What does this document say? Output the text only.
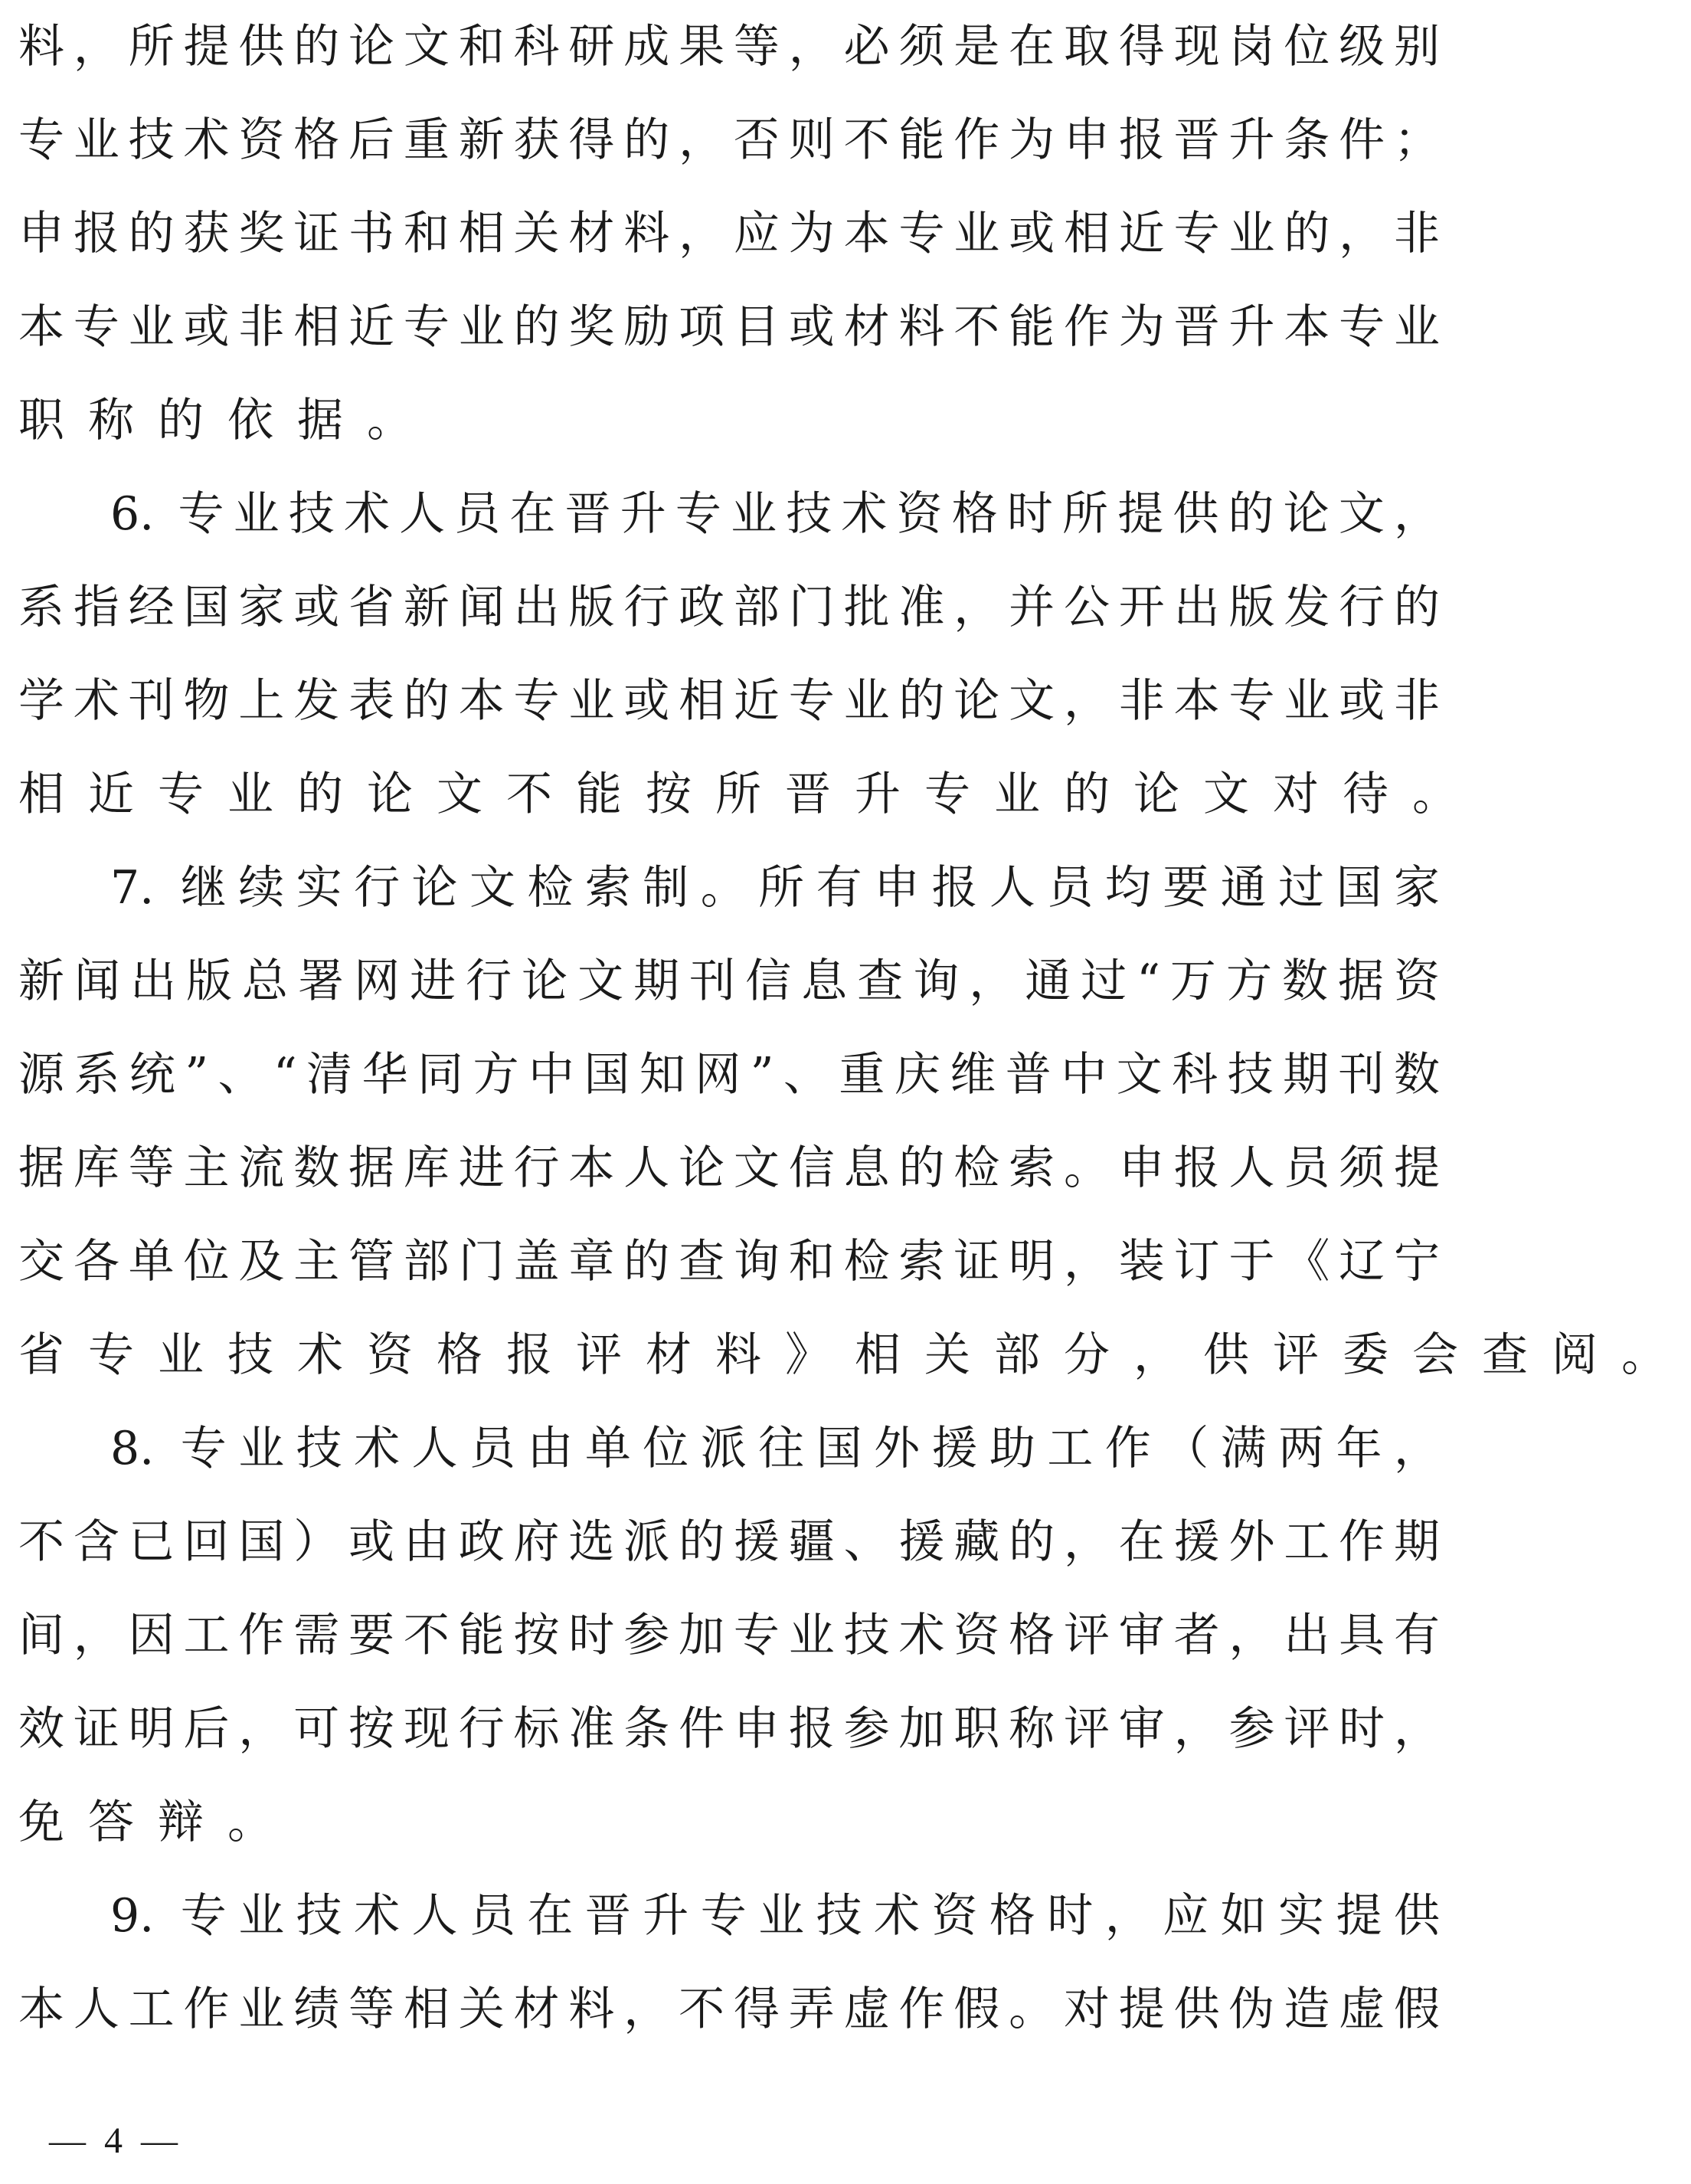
料，所提供的论文和科研成果等，必须是在取得现岗位级别
专业技术资格后重新获得的，否则不能作为申报晋升条件；
申报的获奖证书和相关材料，应为本专业或相近专业的，非
本专业或非相近专业的奖励项目或材料不能作为晋升本专业
职称的依据。
6. 专业技术人员在晋升专业技术资格时所提供的论文，
系指经国家或省新闻出版行政部门批准，并公开出版发行的
学术刊物上发表的本专业或相近专业的论文，非本专业或非
相近专业的论文不能按所晋升专业的论文对待。
7. 继续实行论文检索制。所有申报人员均要通过国家
新闻出版总署网进行论文期刊信息查询，通过“万方数据资
源系统”、“清华同方中国知网”、重庆维普中文科技期刊数
据库等主流数据库进行本人论文信息的检索。申报人员须提
交各单位及主管部门盖章的查询和检索证明，装订于《辽宁
省专业技术资格报评材料》相关部分，供评委会查阅。
8. 专业技术人员由单位派往国外援助工作（满两年，
不含已回国）或由政府选派的援疆、援藏的，在援外工作期
间，因工作需要不能按时参加专业技术资格评审者，出具有
效证明后，可按现行标准条件申报参加职称评审，参评时，
免答辩。
9. 专业技术人员在晋升专业技术资格时，应如实提供
本人工作业绩等相关材料，不得弄虚作假。对提供伪造虚假
— 4 —
